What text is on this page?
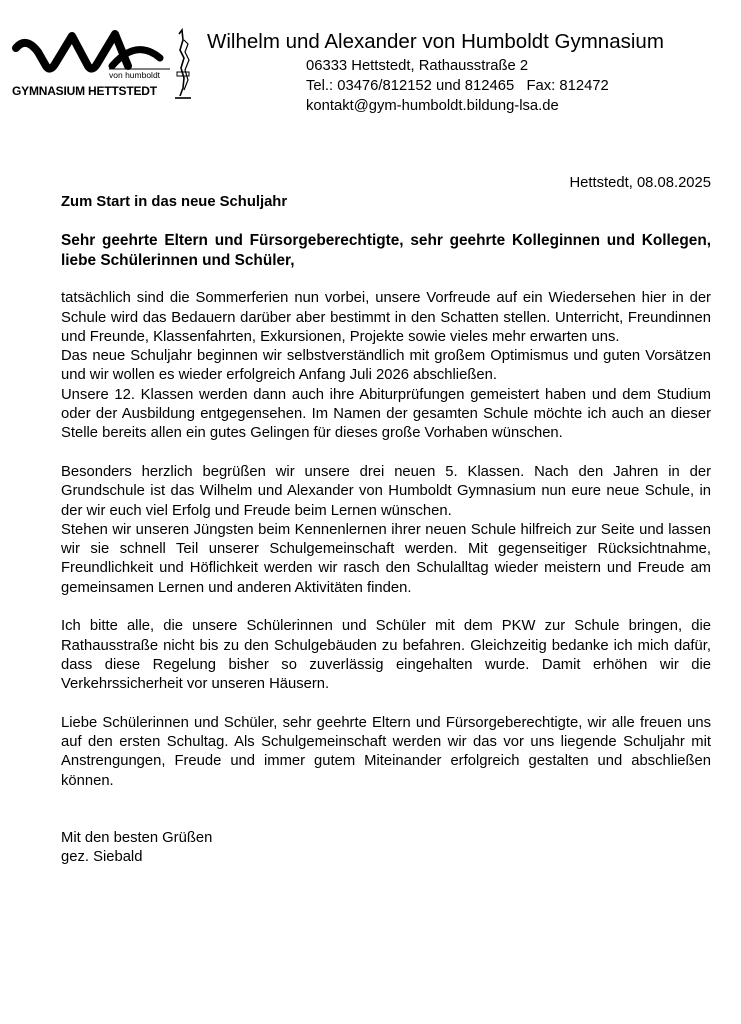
von humboldt
GYMNASIUM HETTSTEDT
Wilhelm und Alexander von Humboldt Gymnasium
06333 Hettstedt, Rathausstraße 2
Tel.: 03476/812152 und 812465   Fax: 812472
kontakt@gym-humboldt.bildung-lsa.de
Hettstedt, 08.08.2025

Zum Start in das neue Schuljahr

Sehr geehrte Eltern und Fürsorgeberechtigte, sehr geehrte Kolleginnen und Kollegen, liebe Schülerinnen und Schüler,

tatsächlich sind die Sommerferien nun vorbei, unsere Vorfreude auf ein Wiedersehen hier in der Schule wird das Bedauern darüber aber bestimmt in den Schatten stellen. Unterricht, Freundinnen und Freunde, Klassenfahrten, Exkursionen, Projekte sowie vieles mehr erwarten uns.

Das neue Schuljahr beginnen wir selbstverständlich mit großem Optimismus und guten Vorsätzen und wir wollen es wieder erfolgreich Anfang Juli 2026 abschließen.

Unsere 12. Klassen werden dann auch ihre Abiturprüfungen gemeistert haben und dem Studium oder der Ausbildung entgegensehen. Im Namen der gesamten Schule möchte ich auch an dieser Stelle bereits allen ein gutes Gelingen für dieses große Vorhaben wünschen.

Besonders herzlich begrüßen wir unsere drei neuen 5. Klassen. Nach den Jahren in der Grundschule ist das Wilhelm und Alexander von Humboldt Gymnasium nun eure neue Schule, in der wir euch viel Erfolg und Freude beim Lernen wünschen.

Stehen wir unseren Jüngsten beim Kennenlernen ihrer neuen Schule hilfreich zur Seite und lassen wir sie schnell Teil unserer Schulgemeinschaft werden. Mit gegenseitiger Rücksichtnahme, Freundlichkeit und Höflichkeit werden wir rasch den Schulalltag wieder meistern und Freude am gemeinsamen Lernen und anderen Aktivitäten finden.

Ich bitte alle, die unsere Schülerinnen und Schüler mit dem PKW zur Schule bringen, die Rathausstraße nicht bis zu den Schulgebäuden zu befahren. Gleichzeitig bedanke ich mich dafür, dass diese Regelung bisher so zuverlässig eingehalten wurde. Damit erhöhen wir die Verkehrssicherheit vor unseren Häusern.

Liebe Schülerinnen und Schüler, sehr geehrte Eltern und Fürsorgeberechtigte, wir alle freuen uns auf den ersten Schultag. Als Schulgemeinschaft werden wir das vor uns liegende Schuljahr mit Anstrengungen, Freude und immer gutem Miteinander erfolgreich gestalten und abschließen können.

Mit den besten Grüßen

gez. Siebald
